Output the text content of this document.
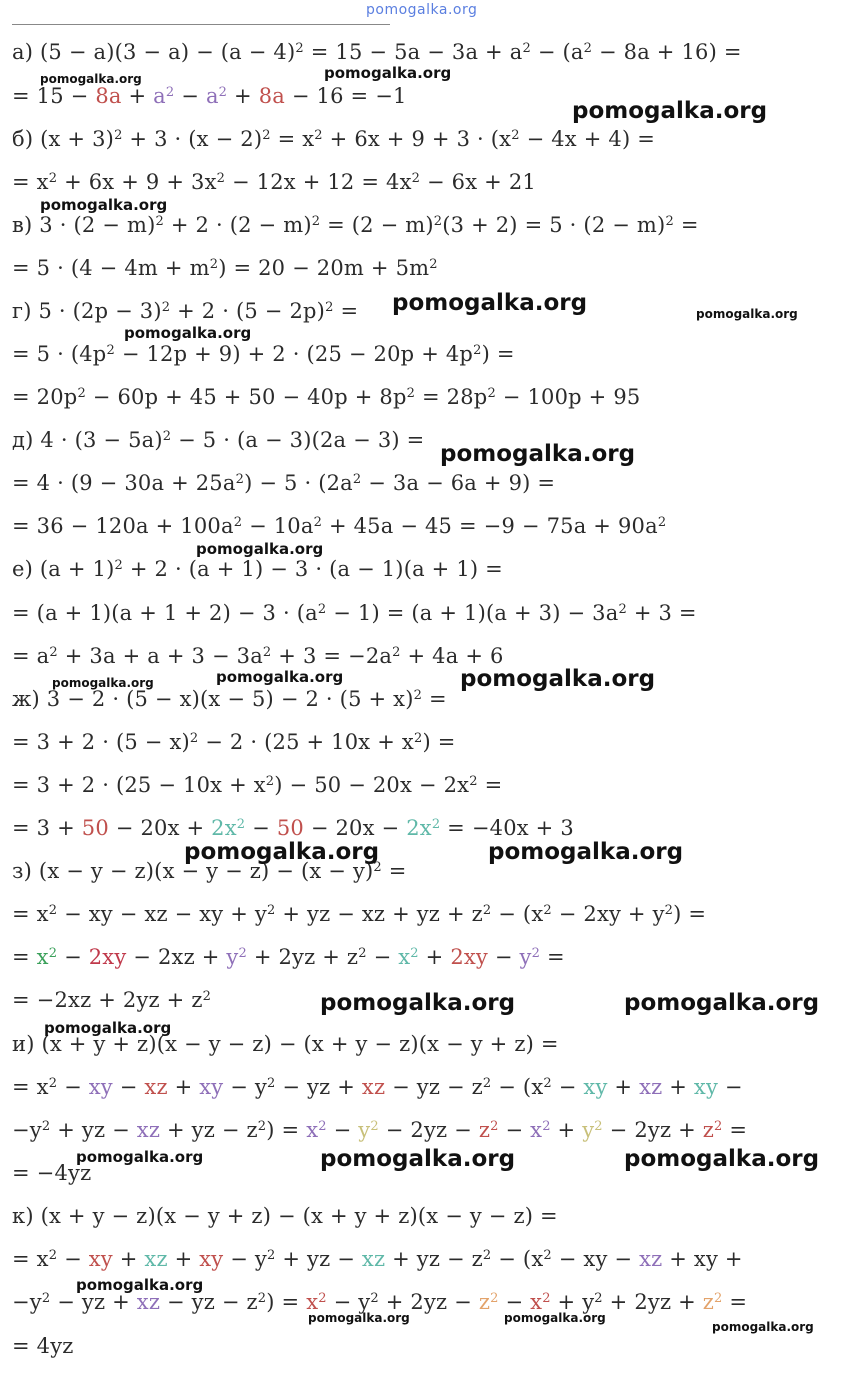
pomogalka.org
а) $(5 - a)(3 - a) - (a - 4)^2 = 15 - 5a - 3a + a^2 - (a^2 - 8a + 16)$ =
= $15 - 8a + a^2 - a^2 + 8a - 16 = -1$
б) $(x + 3)^2 + 3 \cdot (x - 2)^2 = x^2 + 6x + 9 + 3 \cdot (x^2 - 4x + 4)$ =
= $x^2 + 6x + 9 + 3x^2 - 12x + 12 = 4x^2 - 6x + 21$
в) $3 \cdot (2 - m)^2 + 2 \cdot (2 - m)^2 = (2 - m)^2(3 + 2) = 5 \cdot (2 - m)^2$ =
= $5 \cdot (4 - 4m + m^2) = 20 - 20m + 5m^2$
г) $5 \cdot (2p - 3)^2 + 2 \cdot (5 - 2p)^2$ =
= $5 \cdot (4p^2 - 12p + 9) + 2 \cdot (25 - 20p + 4p^2)$ =
= $20p^2 - 60p + 45 + 50 - 40p + 8p^2 = 28p^2 - 100p + 95$
д) $4 \cdot (3 - 5a)^2 - 5 \cdot (a - 3)(2a - 3)$ =
= $4 \cdot (9 - 30a + 25a^2) - 5 \cdot (2a^2 - 3a - 6a + 9)$ =
= $36 - 120a + 100a^2 - 10a^2 + 45a - 45 = -9 - 75a + 90a^2$
е) $(a + 1)^2 + 2 \cdot (a + 1) - 3 \cdot (a - 1)(a + 1)$ =
= $(a + 1)(a + 1 + 2) - 3 \cdot (a^2 - 1) = (a + 1)(a + 3) - 3a^2 + 3$ =
= $a^2 + 3a + a + 3 - 3a^2 + 3 = -2a^2 + 4a + 6$
ж) $3 - 2 \cdot (5 - x)(x - 5) - 2 \cdot (5 + x)^2$ =
= $3 + 2 \cdot (5 - x)^2 - 2 \cdot (25 + 10x + x^2)$ =
= $3 + 2 \cdot (25 - 10x + x^2) - 50 - 20x - 2x^2$ =
= $3 + 50 - 20x + 2x^2 - 50 - 20x - 2x^2 = -40x + 3$
з) $(x - y - z)(x - y - z) - (x - y)^2$ =
= $x^2$ − xy − xz − xy + $y^2$ + yz − xz + yz + $z^2 - (x^2 - 2xy + y^2)$ =
= $x^2 - 2xy - 2xz + y^2 + 2yz + z^2 - x^2 + 2xy - y^2$ =
= $-2xz + 2yz + z^2$
и) (x + y + z)(x − y − z) − (x + y − z)(x − y + z) =
= $x^2$ − xy − xz + xy − $y^2$ − yz + xz − yz − $z^2 - (x^2$ − xy + xz + xy −
$-y^2$ + yz − xz + yz − $z^2) = x^2 - y^2 - 2yz - z^2 - x^2 + y^2 - 2yz + z^2$ =
= −4yz
к) (x + y − z)(x − y + z) − (x + y + z)(x − y − z) =
= $x^2$ − xy + xz + xy − $y^2$ + yz − xz + yz − $z^2 - (x^2$ − xy − xz + xy +
$-y^2$ − yz + xz − yz − $z^2) = x^2 - y^2 + 2yz - z^2 - x^2 + y^2 + 2yz + z^2$ =
= 4yz
pomogalka.org	pomogalka.org
pomogalka.org
pomogalka.org
pomogalka.org	pomogalka.org
pomogalka.org
pomogalka.org
pomogalka.org
pomogalka.org	pomogalka.org	pomogalka.org
pomogalka.org	pomogalka.org
pomogalka.org	pomogalka.org
pomogalka.org
pomogalka.org	pomogalka.org	pomogalka.org
pomogalka.org
pomogalka.org	pomogalka.org
pomogalka.org
